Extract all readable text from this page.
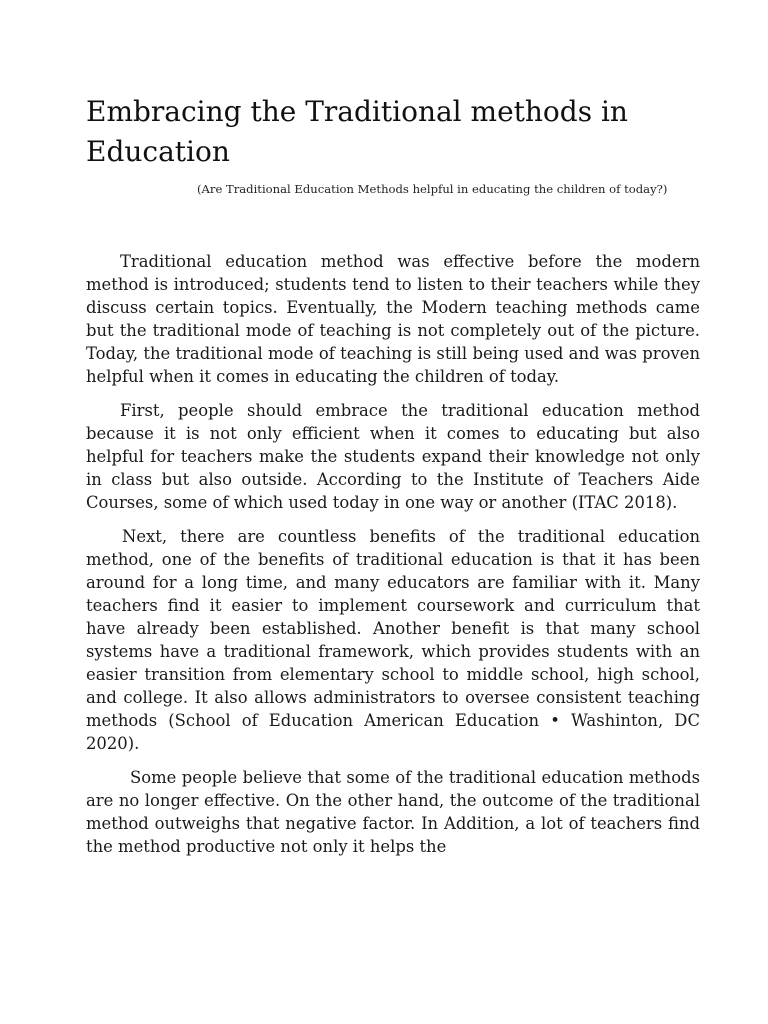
Embracing the Traditional methods in Education

(Are Traditional Education Methods helpful in educating the children of today?)

Traditional education method was effective before the modern method is introduced; students tend to listen to their teachers while they discuss certain topics. Eventually, the Modern teaching methods came but the traditional mode of teaching is not completely out of the picture. Today, the traditional mode of teaching is still being used and was proven helpful when it comes in educating the children of today.

First, people should embrace the traditional education method because it is not only efficient when it comes to educating but also helpful for teachers make the students expand their knowledge not only in class but also outside. According to the Institute of Teachers Aide Courses, some of which used today in one way or another (ITAC 2018).

Next, there are countless benefits of the traditional education method, one of the benefits of traditional education is that it has been around for a long time, and many educators are familiar with it. Many teachers find it easier to implement coursework and curriculum that have already been established. Another benefit is that many school systems have a traditional framework, which provides students with an easier transition from elementary school to middle school, high school, and college. It also allows administrators to oversee consistent teaching methods (School of Education American Education • Washinton, DC 2020).

Some people believe that some of the traditional education methods are no longer effective. On the other hand, the outcome of the traditional method outweighs that negative factor. In Addition, a lot of teachers find the method productive not only it helps the
